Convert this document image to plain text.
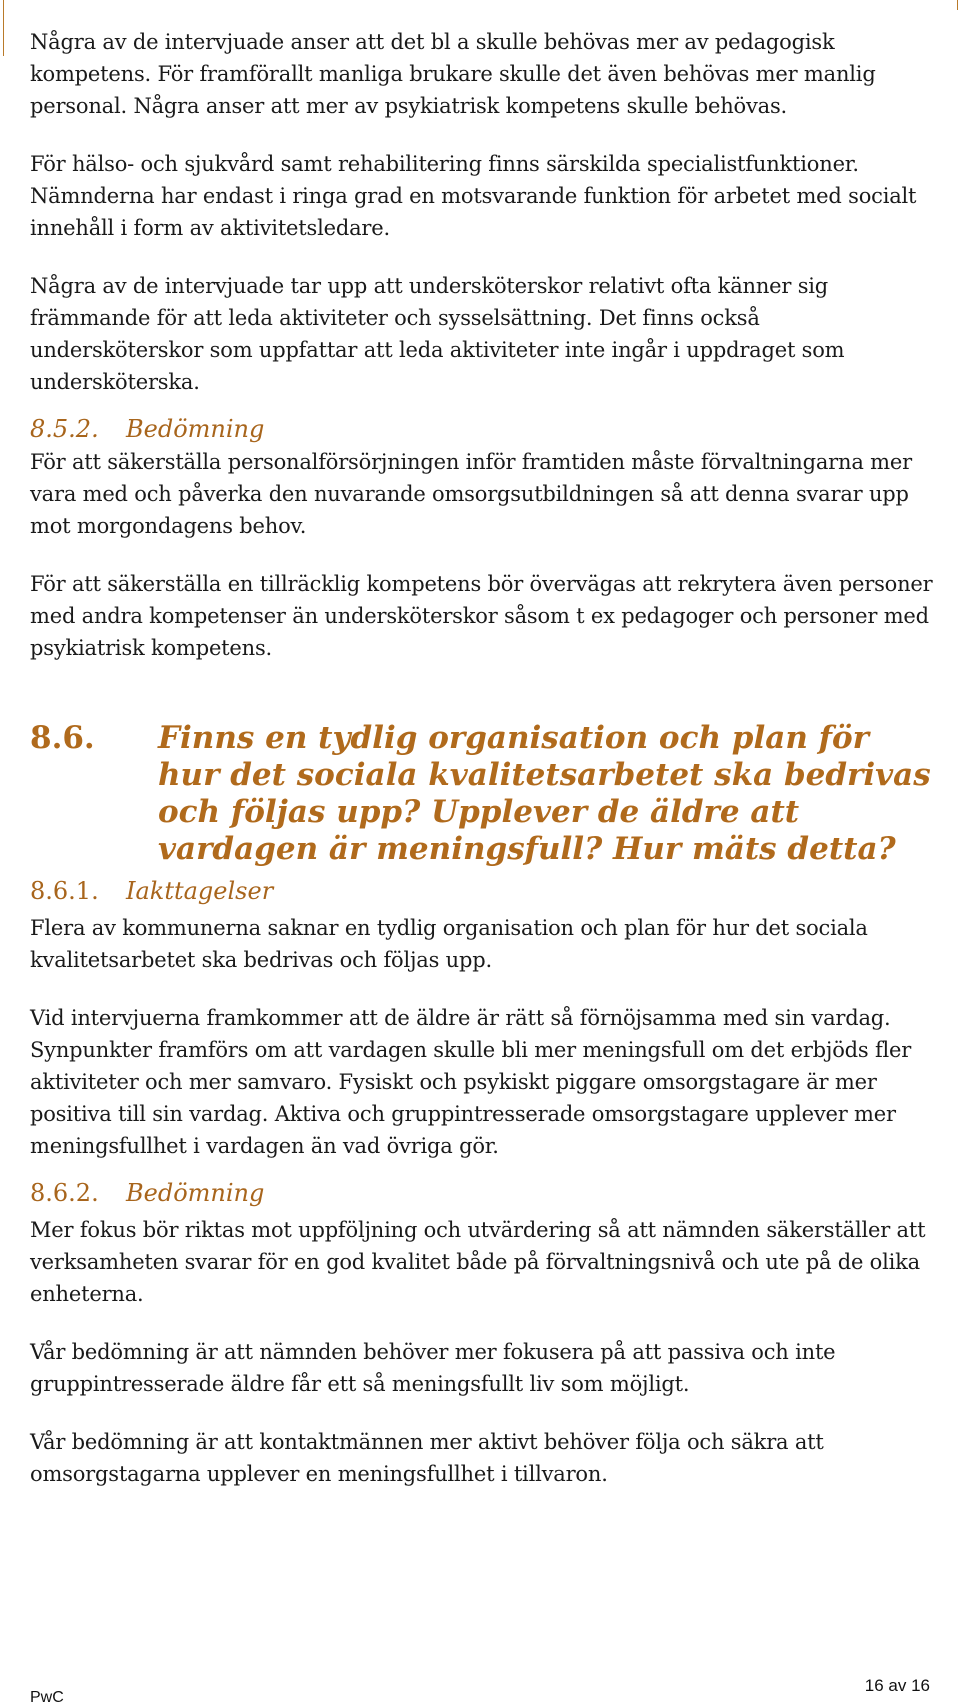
Några av de intervjuade anser att det bl a skulle behövas mer av pedagogisk kompetens. För framförallt manliga brukare skulle det även behövas mer manlig personal. Några anser att mer av psykiatrisk kompetens skulle behövas.

För hälso- och sjukvård samt rehabilitering finns särskilda specialistfunktioner. Nämnderna har endast i ringa grad en motsvarande funktion för arbetet med socialt innehåll i form av aktivitetsledare.

Några av de intervjuade tar upp att undersköterskor relativt ofta känner sig främmande för att leda aktiviteter och sysselsättning. Det finns också undersköterskor som uppfattar att leda aktiviteter inte ingår i uppdraget som undersköterska.

8.5.2. Bedömning

För att säkerställa personalförsörjningen inför framtiden måste förvaltningarna mer vara med och påverka den nuvarande omsorgsutbildningen så att denna svarar upp mot morgondagens behov.

För att säkerställa en tillräcklig kompetens bör övervägas att rekrytera även personer med andra kompetenser än undersköterskor såsom t ex pedagoger och personer med psykiatrisk kompetens.

8.6.	Finns en tydlig organisation och plan för hur det sociala kvalitetsarbetet ska bedrivas och följas upp? Upplever de äldre att vardagen är meningsfull? Hur mäts detta?
8.6.1. Iakttagelser

Flera av kommunerna saknar en tydlig organisation och plan för hur det sociala kvalitetsarbetet ska bedrivas och följas upp.

Vid intervjuerna framkommer att de äldre är rätt så förnöjsamma med sin vardag. Synpunkter framförs om att vardagen skulle bli mer meningsfull om det erbjöds fler aktiviteter och mer samvaro. Fysiskt och psykiskt piggare omsorgstagare är mer positiva till sin vardag. Aktiva och gruppintresserade omsorgstagare upplever mer meningsfullhet i vardagen än vad övriga gör.

8.6.2. Bedömning

Mer fokus bör riktas mot uppföljning och utvärdering så att nämnden säkerställer att verksamheten svarar för en god kvalitet både på förvaltningsnivå och ute på de olika enheterna.

Vår bedömning är att nämnden behöver mer fokusera på att passiva och inte gruppintresserade äldre får ett så meningsfullt liv som möjligt.

Vår bedömning är att kontaktmännen mer aktivt behöver följa och säkra att omsorgstagarna upplever en meningsfullhet i tillvaron.

16 av 16
PwC
